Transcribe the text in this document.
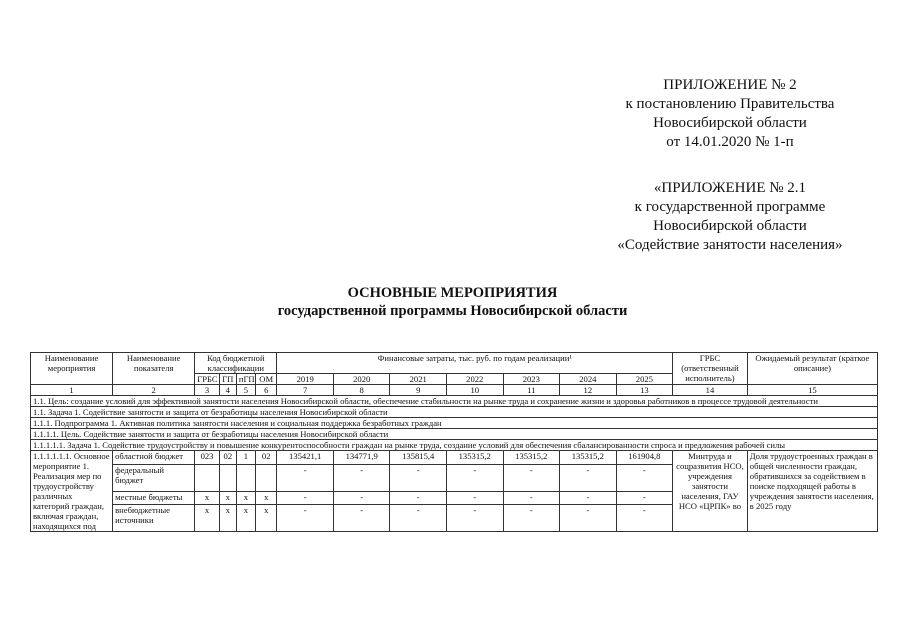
ПРИЛОЖЕНИЕ № 2
к постановлению Правительства
Новосибирской области
от 14.01.2020 № 1-п
«ПРИЛОЖЕНИЕ № 2.1
к государственной программе
Новосибирской области
«Содействие занятости населения»
ОСНОВНЫЕ МЕРОПРИЯТИЯ
государственной программы Новосибирской области
Наименование мероприятия	Наименование показателя	Код бюджетной классификации				Финансовые затраты, тыс. руб. по годам реализации¹							ГРБС (ответственный исполнитель)	Ожидаемый результат (краткое описание)
		ГРБС	ГП	пГП	ОМ	2019	2020	2021	2022	2023	2024	2025		
1	2	3	4	5	6	7	8	9	10	11	12	13	14	15
1.1. Цель: создание условий для эффективной занятости населения Новосибирской области, обеспечение стабильности на рынке труда и сохранение жизни и здоровья работников в процессе трудовой деятельности														
1.1. Задача 1. Содействие занятости и защита от безработицы населения Новосибирской области														
1.1.1. Подпрограмма 1. Активная политика занятости населения и социальная поддержка безработных граждан														
1.1.1.1. Цель. Содействие занятости и защита от безработицы населения Новосибирской области														
1.1.1.1.1. Задача 1. Содействие трудоустройству и повышение конкурентоспособности граждан на рынке труда, создание условий для обеспечения сбалансированности спроса и предложения рабочей силы														
1.1.1.1.1.1. Основное мероприятие 1. Реализация мер по трудоустройству различных категорий граждан, включая граждан, находящихся под	областной бюджет	023	02	1	02	135421,1	134771,9	135815,4	135315,2	135315,2	135315,2	161904,8	Минтруда и соцразвития НСО, учреждения занятости населения, ГАУ НСО «ЦРПК» во	Доля трудоустроенных граждан в общей численности граждан, обратившихся за содействием в поиске подходящей работы в учреждения занятости населения, в 2025 году
	федеральный бюджет					-	-	-	-	-	-	-		
	местные бюджеты	х	х	х	х	-	-	-	-	-	-	-		
	внебюджетные источники	х	х	х	х	-	-	-	-	-	-	-		
